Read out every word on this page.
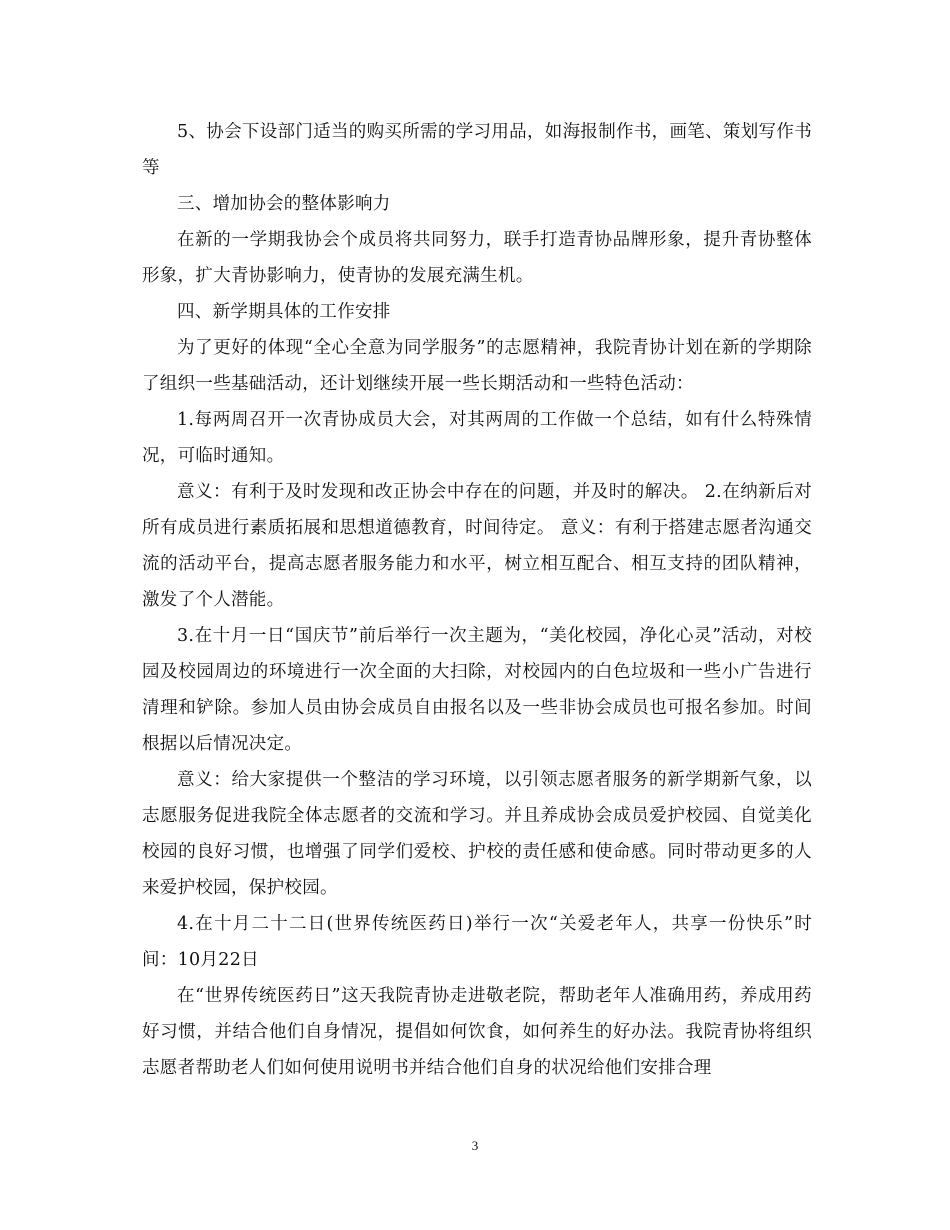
5、协会下设部门适当的购买所需的学习用品，如海报制作书，画笔、策划写作书等

三、增加协会的整体影响力

在新的一学期我协会个成员将共同努力，联手打造青协品牌形象，提升青协整体形象，扩大青协影响力，使青协的发展充满生机。

四、新学期具体的工作安排

为了更好的体现“全心全意为同学服务”的志愿精神，我院青协计划在新的学期除了组织一些基础活动，还计划继续开展一些长期活动和一些特色活动：

1.每两周召开一次青协成员大会，对其两周的工作做一个总结，如有什么特殊情况，可临时通知。

意义：有利于及时发现和改正协会中存在的问题，并及时的解决。 2.在纳新后对所有成员进行素质拓展和思想道德教育，时间待定。 意义：有利于搭建志愿者沟通交流的活动平台，提高志愿者服务能力和水平，树立相互配合、相互支持的团队精神，激发了个人潜能。

3.在十月一日“国庆节”前后举行一次主题为，“美化校园，净化心灵”活动，对校园及校园周边的环境进行一次全面的大扫除，对校园内的白色垃圾和一些小广告进行清理和铲除。参加人员由协会成员自由报名以及一些非协会成员也可报名参加。时间根据以后情况决定。

意义：给大家提供一个整洁的学习环境，以引领志愿者服务的新学期新气象，以志愿服务促进我院全体志愿者的交流和学习。并且养成协会成员爱护校园、自觉美化校园的良好习惯，也增强了同学们爱校、护校的责任感和使命感。同时带动更多的人来爱护校园，保护校园。

4.在十月二十二日(世界传统医药日)举行一次“关爱老年人，共享一份快乐”时间：10月22日

在“世界传统医药日”这天我院青协走进敬老院，帮助老年人准确用药，养成用药好习惯，并结合他们自身情况，提倡如何饮食，如何养生的好办法。我院青协将组织志愿者帮助老人们如何使用说明书并结合他们自身的状况给他们安排合理

3
